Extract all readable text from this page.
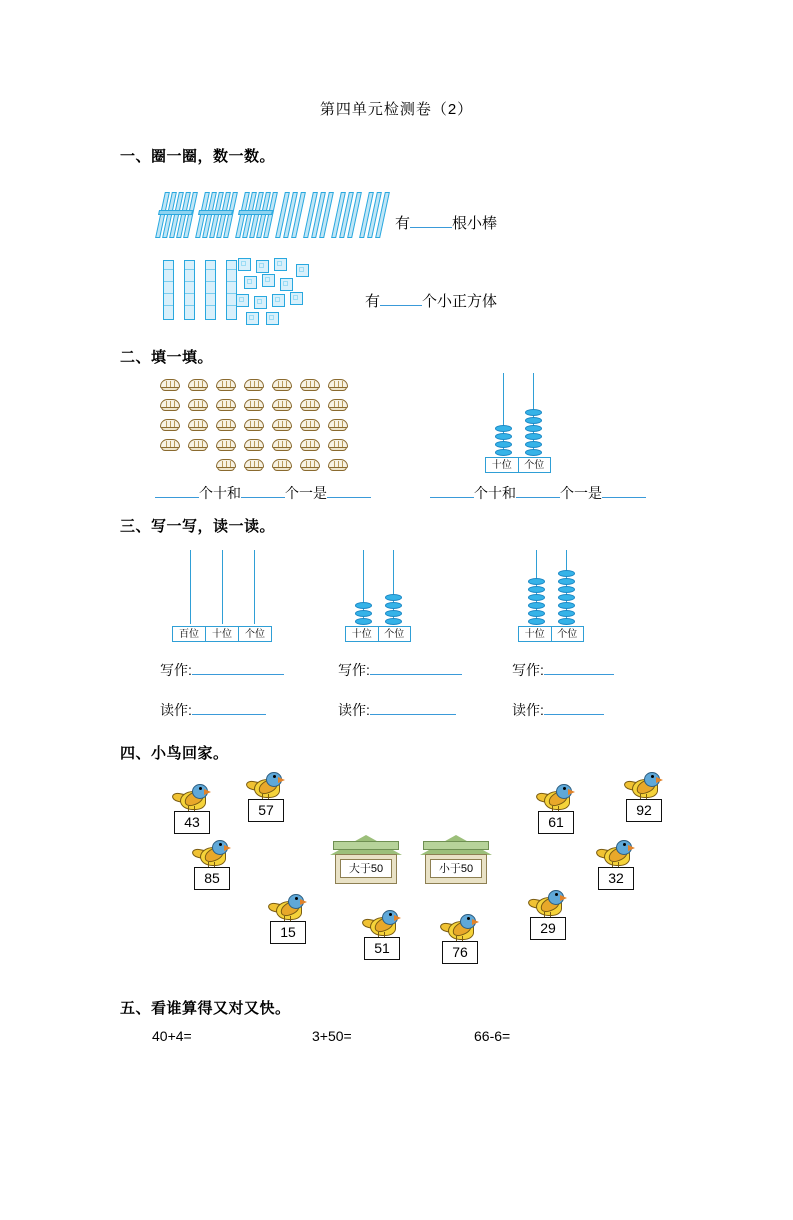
第四单元检测卷（2）
一、圈一圈，数一数。

有	根小棒

有	个小正方体
二、填一填。
十位	个位
个十和	个一是	个十和	个一是
三、写一写，读一读。
百位	十位	个位	十位	个位	十位	个位
写作:	写作:	写作:
读作:	读作:	读作:
四、小鸟回家。
43
57
61
92
85	32
大于50	小于50
15
51	76
29
五、看谁算得又对又快。
40+4=	3+50=	66-6=
